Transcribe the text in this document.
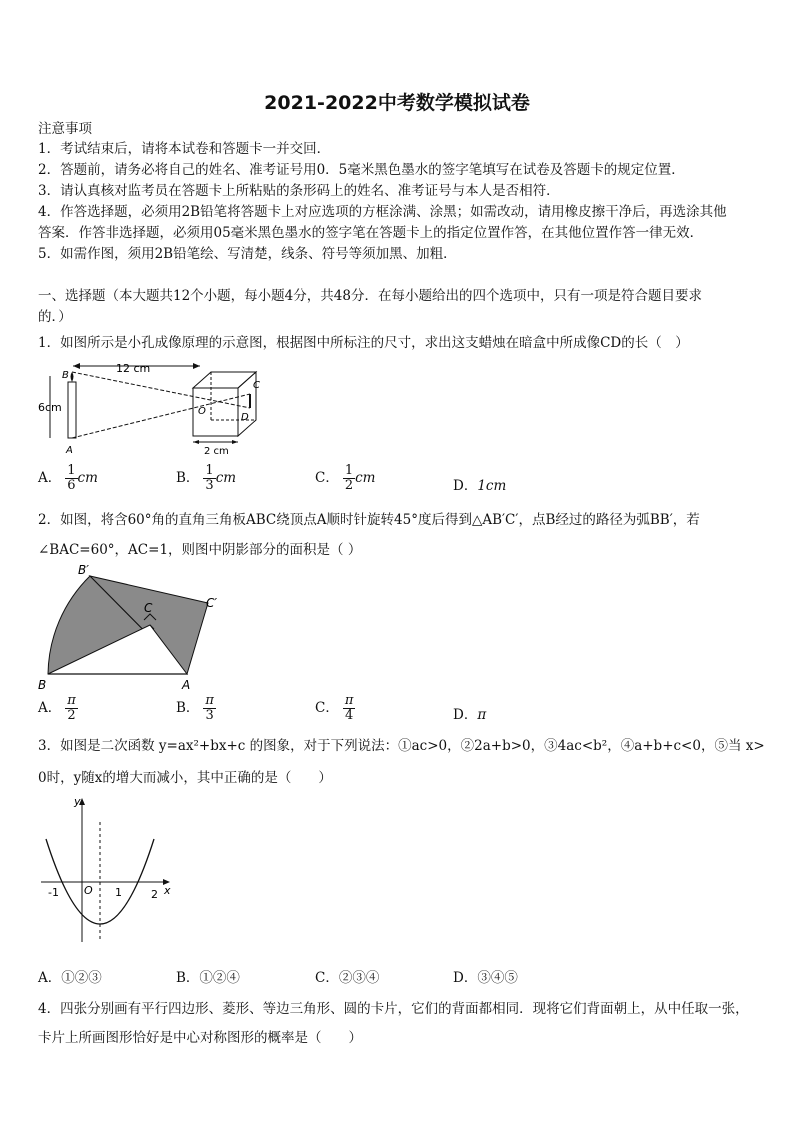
2021-2022中考数学模拟试卷
注意事项
1．考试结束后，请将本试卷和答题卡一并交回．
2．答题前，请务必将自己的姓名、准考证号用0．5毫米黑色墨水的签字笔填写在试卷及答题卡的规定位置．
3．请认真核对监考员在答题卡上所粘贴的条形码上的姓名、准考证号与本人是否相符．
4．作答选择题，必须用2B铅笔将答题卡上对应选项的方框涂满、涂黑；如需改动，请用橡皮擦干净后，再选涂其他
答案．作答非选择题，必须用05毫米黑色墨水的签字笔在答题卡上的指定位置作答，在其他位置作答一律无效．
5．如需作图，须用2B铅笔绘、写清楚，线条、符号等须加黑、加粗．
一、选择题（本大题共12个小题，每小题4分，共48分．在每小题给出的四个选项中，只有一项是符合题目要求
的．）
1．如图所示是小孔成像原理的示意图，根据图中所标注的尺寸，求出这支蜡烛在暗盒中所成像CD的长（　）
12 cm
6cm
B
A
O
C
D
2 cm
A． $\frac{1}{6}$ cm	B． $\frac{1}{3}$ cm	C． $\frac{1}{2}$ cm	D．1cm
2．如图，将含60°角的直角三角板ABC绕顶点A顺时针旋转45°度后得到△AB′C′，点B经过的路径为弧BB′，若
∠BAC=60°，AC=1，则图中阴影部分的面积是（ ）
B′
C′
C
B	A
A． $\frac{\pi}{2}$	B． $\frac{\pi}{3}$	C． $\frac{\pi}{4}$	D．π
3．如图是二次函数 y=ax²+bx+c 的图象，对于下列说法：①ac>0，②2a+b>0，③4ac<b²，④a+b+c<0，⑤当 x>
0时，y随x的增大而减小，其中正确的是（　　）
y
x
O
-1	1	2
A．①②③	B．①②④	C．②③④	D．③④⑤
4．四张分别画有平行四边形、菱形、等边三角形、圆的卡片，它们的背面都相同．现将它们背面朝上，从中任取一张，
卡片上所画图形恰好是中心对称图形的概率是（　　）
